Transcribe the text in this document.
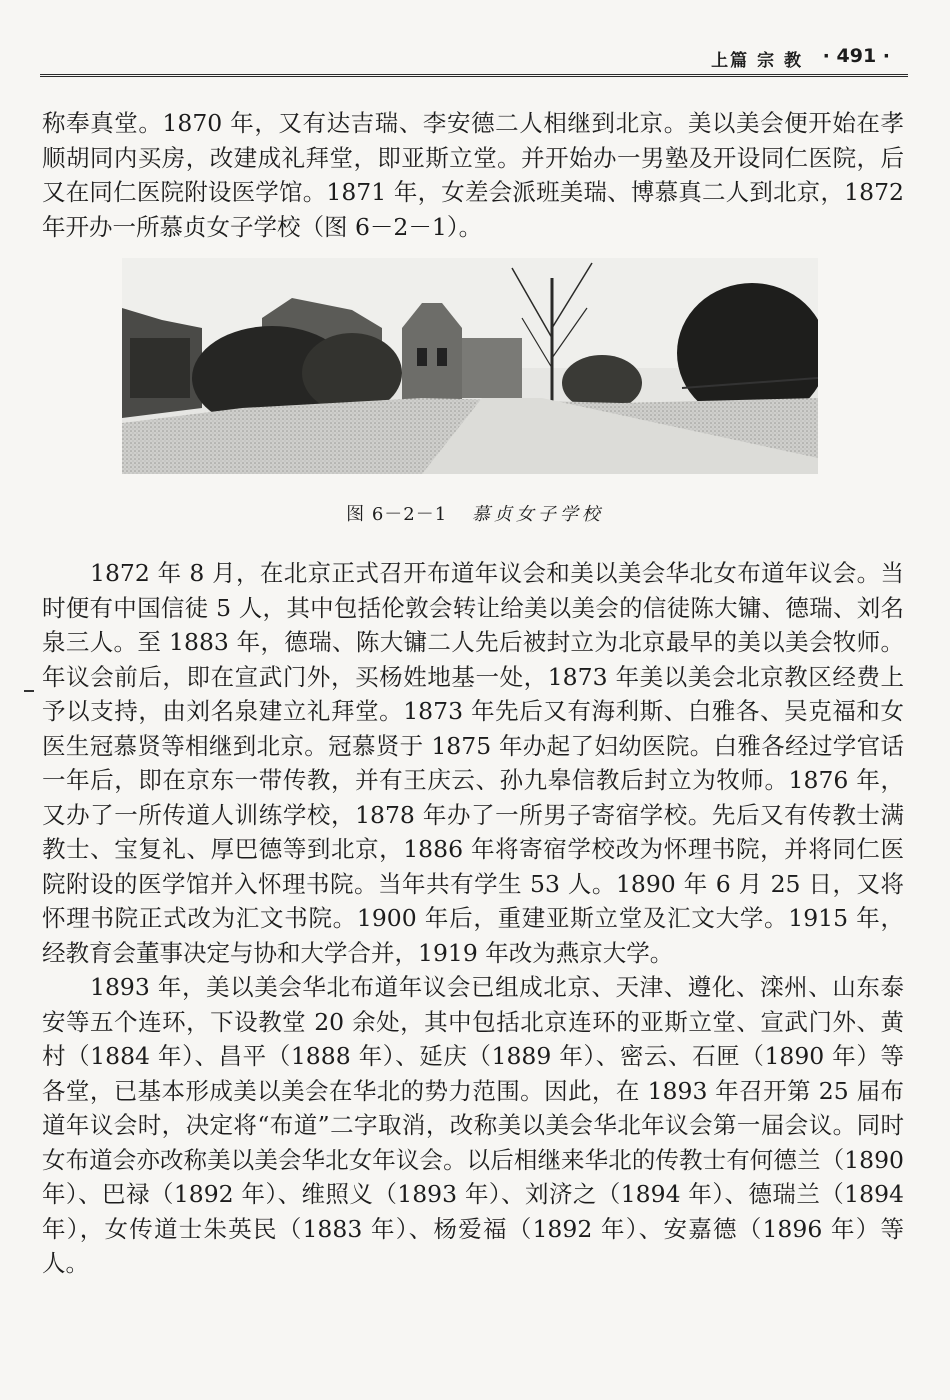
上篇 宗 教 · 491 ·

称奉真堂。1870 年，又有达吉瑞、李安德二人相继到北京。美以美会便开始在孝顺胡同内买房，改建成礼拜堂，即亚斯立堂。并开始办一男塾及开设同仁医院，后又在同仁医院附设医学馆。1871 年，女差会派班美瑞、博慕真二人到北京，1872 年开办一所慕贞女子学校（图 6－2－1）。

图 6－2－1 慕贞女子学校

1872 年 8 月，在北京正式召开布道年议会和美以美会华北女布道年议会。当时便有中国信徒 5 人，其中包括伦敦会转让给美以美会的信徒陈大镛、德瑞、刘名泉三人。至 1883 年，德瑞、陈大镛二人先后被封立为北京最早的美以美会牧师。年议会前后，即在宣武门外，买杨姓地基一处，1873 年美以美会北京教区经费上予以支持，由刘名泉建立礼拜堂。1873 年先后又有海利斯、白雅各、吴克福和女医生冠慕贤等相继到北京。冠慕贤于 1875 年办起了妇幼医院。白雅各经过学官话一年后，即在京东一带传教，并有王庆云、孙九皋信教后封立为牧师。1876 年，又办了一所传道人训练学校，1878 年办了一所男子寄宿学校。先后又有传教士满教士、宝复礼、厚巴德等到北京，1886 年将寄宿学校改为怀理书院，并将同仁医院附设的医学馆并入怀理书院。当年共有学生 53 人。1890 年 6 月 25 日，又将怀理书院正式改为汇文书院。1900 年后，重建亚斯立堂及汇文大学。1915 年，经教育会董事决定与协和大学合并，1919 年改为燕京大学。

1893 年，美以美会华北布道年议会已组成北京、天津、遵化、滦州、山东泰安等五个连环，下设教堂 20 余处，其中包括北京连环的亚斯立堂、宣武门外、黄村（1884 年）、昌平（1888 年）、延庆（1889 年）、密云、石匣（1890 年）等各堂，已基本形成美以美会在华北的势力范围。因此，在 1893 年召开第 25 届布道年议会时，决定将“布道”二字取消，改称美以美会华北年议会第一届会议。同时女布道会亦改称美以美会华北女年议会。以后相继来华北的传教士有何德兰（1890 年）、巴禄（1892 年）、维照义（1893 年）、刘济之（1894 年）、德瑞兰（1894 年），女传道士朱英民（1883 年）、杨爱福（1892 年）、安嘉德（1896 年）等人。
